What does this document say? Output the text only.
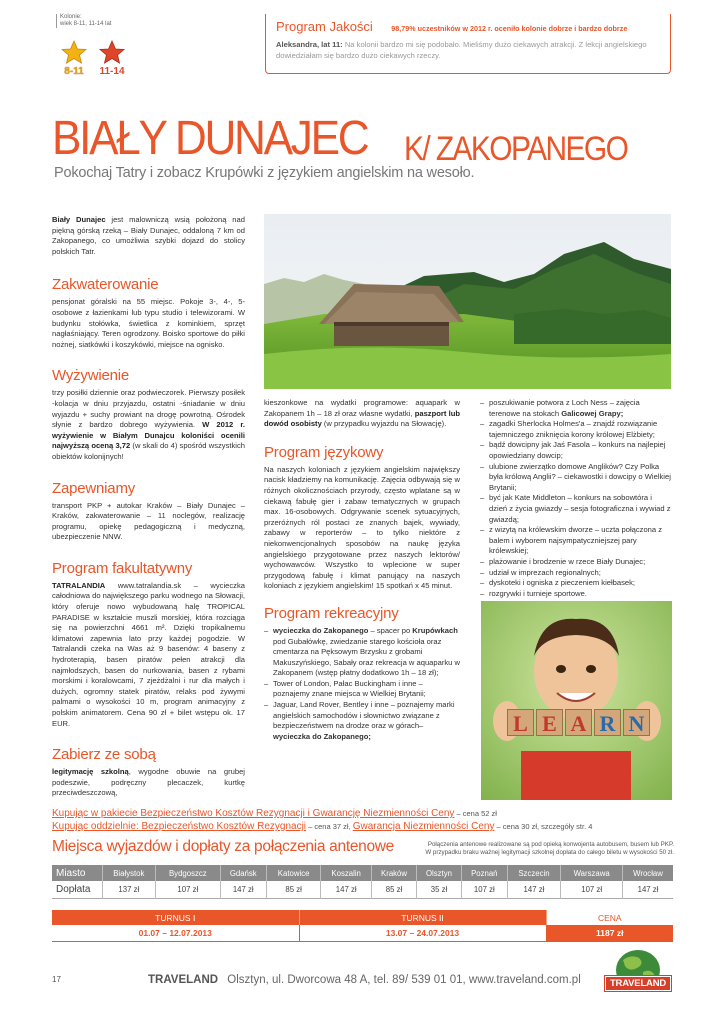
Kolonie:
wiek 8-11, 11-14 lat
8-11	11-14
Program Jakości	98,79% uczestników w 2012 r. oceniło kolonie dobrze i bardzo dobrze
Aleksandra, lat 11: Na kolonii bardzo mi się podobało. Mieliśmy dużo ciekawych atrakcji. Z lekcji angielskiego dowiedziałam się bardzo dużo ciekawych rzeczy.
BIAŁY DUNAJEC	K/ ZAKOPANEGO
Pokochaj Tatry i zobacz Krupówki z językiem angielskim na wesoło.

Biały Dunajec jest malowniczą wsią położoną nad piękną górską rzeką – Biały Dunajec, oddaloną 7 km od Zakopanego, co umożliwia szybki dojazd do stolicy polskich Tatr.

Zakwaterowanie

pensjonat góralski na 55 miejsc. Pokoje 3-, 4-, 5-osobowe z łazienkami lub typu studio i telewizorami. W budynku stołówka, świetlica z kominkiem, sprzęt nagłaśniający. Teren ogrodzony. Boisko sportowe do piłki nożnej, siatkówki i koszykówki, miejsce na ognisko.

Wyżywienie

trzy posiłki dziennie oraz podwieczorek. Pierwszy posiłek -kolacja w dniu przyjazdu, ostatni -śniadanie w dniu wyjazdu + suchy prowiant na drogę powrotną. Ośrodek słynie z bardzo dobrego wyżywienia. W 2012 r. wyżywienie w Białym Dunajcu koloniści ocenili najwyższą oceną 3,72 (w skali do 4) spośród wszystkich obiektów kolonijnych!

Zapewniamy

transport PKP + autokar Kraków – Biały Dunajec – Kraków, zakwaterowanie – 11 noclegów, realizację programu, opiekę pedagogiczną i medyczną, ubezpieczenie NNW.

Program fakultatywny

TATRALANDIA www.tatralandia.sk – wycieczka całodniowa do największego parku wodnego na Słowacji, który oferuje nowo wybudowaną halę TROPICAL PARADISE w kształcie muszli morskiej, która rozciąga się na powierzchni 4661 m². Dzięki tropikalnemu klimatowi zapewnia lato przy każdej pogodzie. W Tatralandii czeka na Was aż 9 basenów: 4 baseny z hydroterapią, basen piratów pełen atrakcji dla najmłodszych, basen do nurkowania, basen z rybami morskimi i koralowcami, 7 zjeżdżalni i rur dla małych i dużych, ogromny statek piratów, relaks pod żywymi palmami o wysokości 10 m, program animacyjny z polskim animatorem. Cena 90 zł + bilet wstępu ok. 17 EUR.

Zabierz ze sobą

legitymację szkolną, wygodne obuwie na grubej podeszwie, podręczny plecaczek, kurtkę przeciwdeszczową,

kieszonkowe na wydatki programowe: aquapark w Zakopanem 1h – 18 zł oraz własne wydatki, paszport lub dowód osobisty (w przypadku wyjazdu na Słowację).

Program językowy

Na naszych koloniach z językiem angielskim największy nacisk kładziemy na komunikację. Zajęcia odbywają się w różnych okolicznościach przyrody, często wplatane są w ciekawą fabułę gier i zabaw tematycznych w grupach max. 16-osobowych. Odgrywanie scenek sytuacyjnych, przeróżnych ról postaci ze znanych bajek, wywiady, zabawy w reporterów – to tylko niektóre z niekonwencjonalnych sposobów na naukę języka angielskiego przygotowane przez naszych lektorów/ wychowawców. Wszystko to wplecione w super przygodową fabułę i klimat panujący na naszych koloniach z językiem angielskim! 15 spotkań x 45 minut.

Program rekreacyjny
– wycieczka do Zakopanego – spacer po Krupówkach pod Gubałówkę, zwiedzanie starego kościoła oraz cmentarza na Pęksowym Brzysku z grobami Makuszyńskiego, Sabały oraz rekreacja w aquaparku w Zakopanem (wstęp płatny dodatkowo 1h – 18 zł);
– Tower of London, Pałac Buckingham i inne – poznajemy znane miejsca w Wielkiej Brytanii;
– Jaguar, Land Rover, Bentley i inne – poznajemy marki angielskich samochodów i słownictwo związane z bezpieczeństwem na drodze oraz w górach– wycieczka do Zakopanego;
– poszukiwanie potwora z Loch Ness – zajęcia terenowe na stokach Galicowej Grapy;
– zagadki Sherlocka Holmes'a – znajdź rozwiązanie tajemniczego zniknięcia korony królowej Elżbiety;
– bądź dowcipny jak Jaś Fasola – konkurs na najlepiej opowiedziany dowcip;
– ulubione zwierzątko domowe Anglików? Czy Polka była królową Anglii? – ciekawostki i dowcipy o Wielkiej Brytanii;
– być jak Kate Middleton – konkurs na sobowtóra i dzień z życia gwiazdy – sesja fotograficzna i wywiad z gwiazdą;
– z wizytą na królewskim dworze – uczta połączona z balem i wyborem najsympatyczniejszej pary królewskiej;
– plażowanie i brodzenie w rzece Biały Dunajec;
– udział w imprezach regionalnych;
– dyskoteki i ogniska z pieczeniem kiełbasek;
– rozgrywki i turnieje sportowe.
L E A R N
Kupując w pakiecie Bezpieczeństwo Kosztów Rezygnacji i Gwarancję Niezmienności Ceny – cena 52 zł
Kupując oddzielnie: Bezpieczeństwo Kosztów Rezygnacji – cena 37 zł, Gwarancja Niezmienności Ceny – cena 30 zł, szczegóły str. 4
Miejsca wyjazdów i dopłaty za połączenia antenowe	Połączenia antenowe realizowane są pod opieką konwojenta autobusem, busem lub PKP.
W przypadku braku ważnej legitymacji szkolnej dopłata do całego biletu w wysokości 50 zł.
Miasto	Białystok	Bydgoszcz	Gdańsk	Katowice	Koszalin	Kraków	Olsztyn	Poznań	Szczecin	Warszawa	Wrocław
Dopłata	137 zł	107 zł	147 zł	85 zł	147 zł	85 zł	35 zł	107 zł	147 zł	107 zł	147 zł
TURNUS I	TURNUS II	CENA
01.07 – 12.07.2013	13.07 – 24.07.2013	1187 zł
17	TRAVELAND Olsztyn, ul. Dworcowa 48 A, tel. 89/ 539 01 01, www.traveland.com.pl	TRAVELAND
